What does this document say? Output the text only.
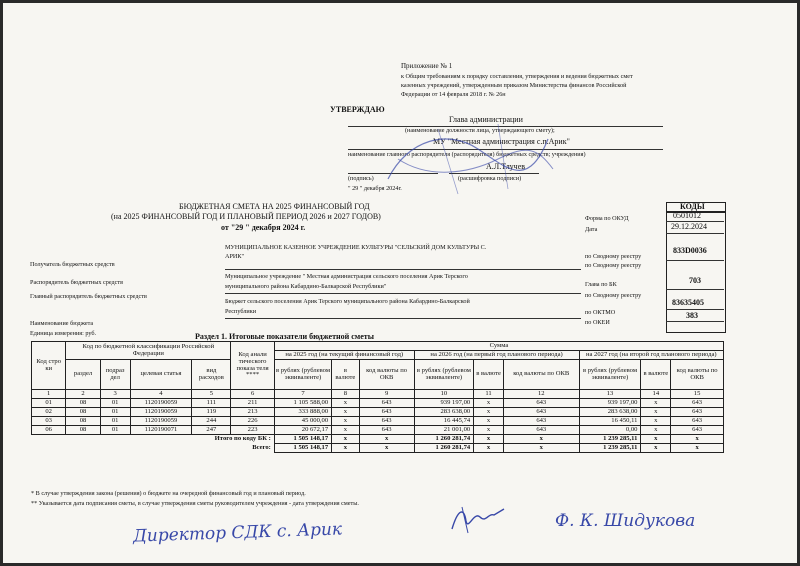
Приложение № 1
к Общим требованиям к порядку составления, утверждения и ведения бюджетных смет
казенных учреждений, утвержденным приказом Министерства финансов Российской
Федерации от 14 февраля 2018 г. № 26н
УТВЕРЖДАЮ
Глава администрации
(наименование должности лица, утверждающего смету);
МУ "Местная администрация с.п.Арик"
наименование главного распорядителя (распорядителя) бюджетных средств; учреждения)
А.Л.Тлучев
(подпись)	(расшифровка подписи)
" 29 " декабря 2024г.
БЮДЖЕТНАЯ СМЕТА НА 2025 ФИНАНСОВЫЙ ГОД
(на 2025 ФИНАНСОВЫЙ ГОД И ПЛАНОВЫЙ ПЕРИОД 2026 и 2027 ГОДОВ)
от "29 " декабря 2024 г.
КОДЫ
Форма по ОКУД	0501012
Дата	29.12.2024
по Сводному реестру
833D0036
по Сводному реестру
Глава по БК	703
по Сводному реестру
по ОКТМО
83635405
по ОКЕИ
383
МУНИЦИПАЛЬНОЕ КАЗЕННОЕ УЧРЕЖДЕНИЕ КУЛЬТУРЫ "СЕЛЬСКИЙ ДОМ КУЛЬТУРЫ С.
АРИК"
Получатель бюджетных средств
Распорядитель бюджетных средств
Муниципальное учреждение " Местная администрация сельского поселения Арик Терского
муниципального района Кабардино-Балкарской Республики"
Главный распорядитель бюджетных средств
Бюджет сельского поселения Арик Терского муниципального района Кабардино-Балкарской
Республики
Наименование бюджета
Единица измерения: руб.	Раздел 1. Итоговые показатели бюджетной сметы
Код стро ки	Код по бюджетной классификации Российской Федерации				Код анали тического показа теля ****	Сумма								
						на 2025 год (на текущий финансовый год)			на 2026 год (на первый год планового периода)			на 2027 год (на второй год планового периода)		
	раздел	подраз дел	целевая статья	вид расходов		в рублях (рублевом эквиваленте)	в валюте	код валюты по ОКВ	в рублях (рублевом эквиваленте)	в валюте	код валюты по ОКВ	в рублях (рублевом эквиваленте)	в валюте	код валюты по ОКВ
1	2	3	4	5	6	7	8	9	10	11	12	13	14	15
01	08	01	1120190059	111	211	1 105 588,00	х	643	939 197,00	х	643	939 197,00	х	643
02	08	01	1120190059	119	213	333 888,00	х	643	283 638,00	х	643	283 638,00	х	643
03	08	01	1120190059	244	226	45 000,00	х	643	16 445,74	х	643	16 450,11	х	643
06	08	01	1120190071	247	223	20 672,17	х	643	21 001,00	х	643	0,00	х	643
Итого по коду БК :						1 505 148,17	х	х	1 260 281,74	х	х	1 239 285,11	х	х
Всего:						1 505 148,17	х	х	1 260 281,74	х	х	1 239 285,11	х	х
* В случае утверждения закона (решения) о бюджете на очередной финансовый год и плановый период.
** Указывается дата подписания сметы, в случае утверждения сметы руководителем учреждения - дата утверждения сметы.
Директор СДК с. Арик	Ф. К. Шидукова
